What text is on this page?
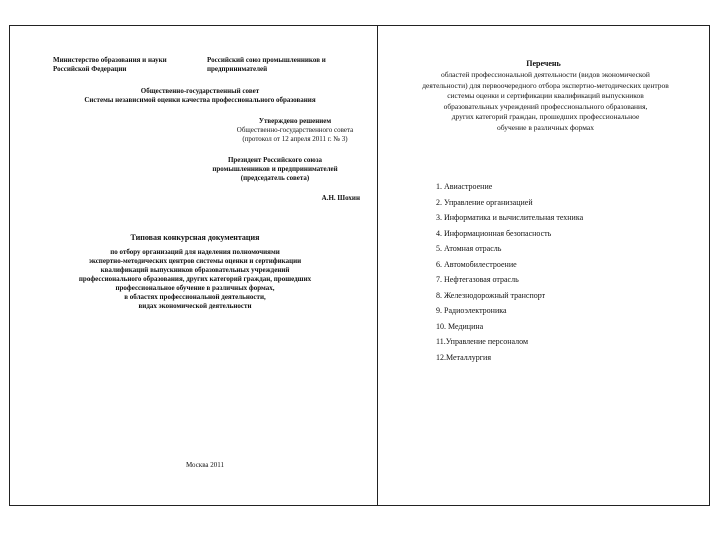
Министерство образования и науки Российской Федерации
Российский союз промышленников и предпринимателей
Общественно-государственный совет
Системы независимой оценки качества профессионального образования
Утверждено решением
Общественно-государственного совета
(протокол от 12 апреля 2011 г. № 3)
Президент Российского союза
промышленников и предпринимателей
(председатель совета)
А.Н. Шохин
Типовая конкурсная документация
по отбору организаций для наделения полномочиями
экспертно-методических центров системы оценки и сертификации
квалификаций выпускников образовательных учреждений
профессионального образования, других категорий граждан, прошедших
профессиональное обучение в различных формах,
в областях профессиональной деятельности,
видах экономической деятельности
Москва 2011
Перечень
областей профессиональной деятельности (видов экономической
деятельности) для первоочередного отбора экспертно-методических центров
системы оценки и сертификации квалификаций выпускников
образовательных учреждений профессионального образования,
других категорий граждан, прошедших профессиональное
обучение в различных формах
1. Авиастроение
2. Управление организацией
3. Информатика и вычислительная техника
4. Информационная безопасность
5. Атомная отрасль
6. Автомобилестроение
7. Нефтегазовая отрасль
8. Железнодорожный транспорт
9. Радиоэлектроника
10. Медицина
11.Управление персоналом
12.Металлургия
